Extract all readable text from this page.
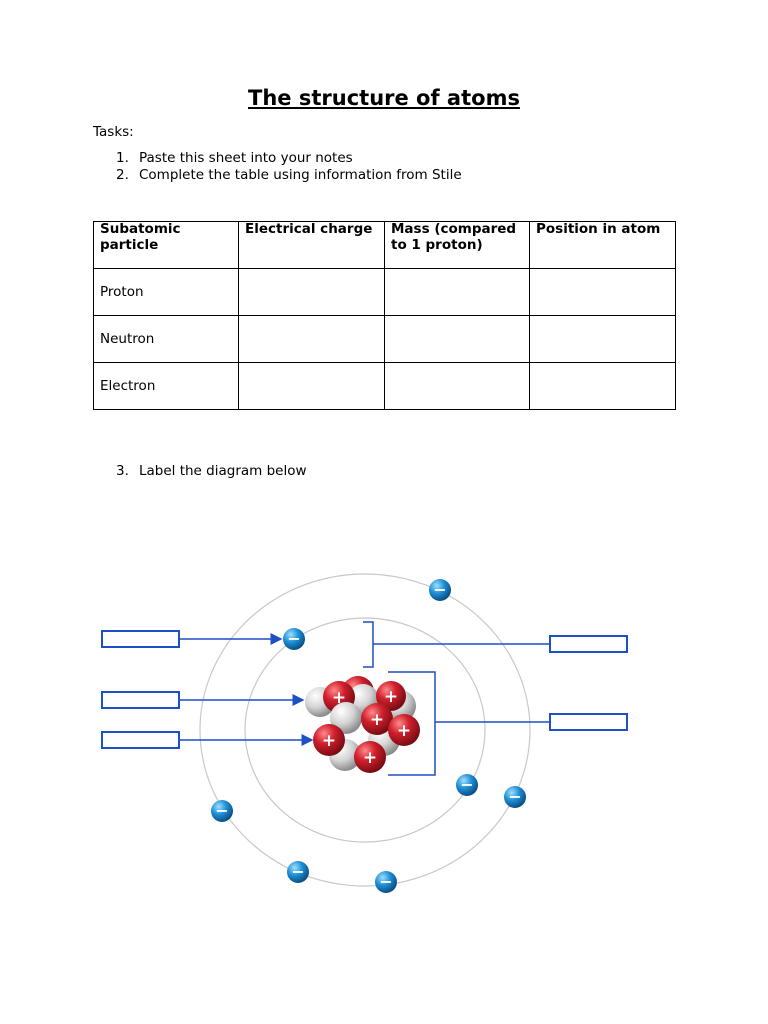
The structure of atoms

Tasks:

1. Paste this sheet into your notes
2. Complete the table using information from Stile
Subatomic particle	Electrical charge	Mass (compared to 1 proton)	Position in atom
Proton			
Neutron			
Electron			
3. Label the diagram below
+ +
+
+
+
+
−
−
−
−
−
−
−
